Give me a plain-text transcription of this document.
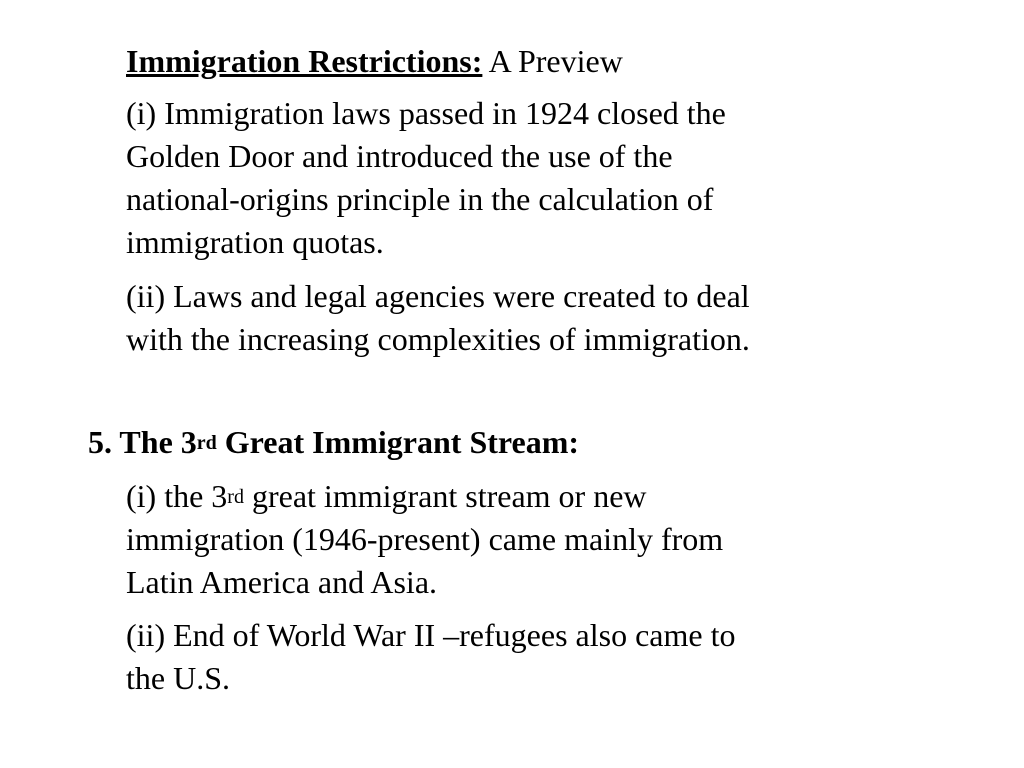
Immigration Restrictions: A Preview
(i) Immigration laws passed in 1924 closed the
Golden Door and introduced the use of the
national-origins principle in the calculation of
immigration quotas.
(ii) Laws and legal agencies were created to deal
with the increasing complexities of immigration.
5. The 3rd Great Immigrant Stream:
(i) the 3rd great immigrant stream or new
immigration (1946-present) came mainly from
Latin America and Asia.
(ii) End of World War II –refugees also came to
the U.S.
